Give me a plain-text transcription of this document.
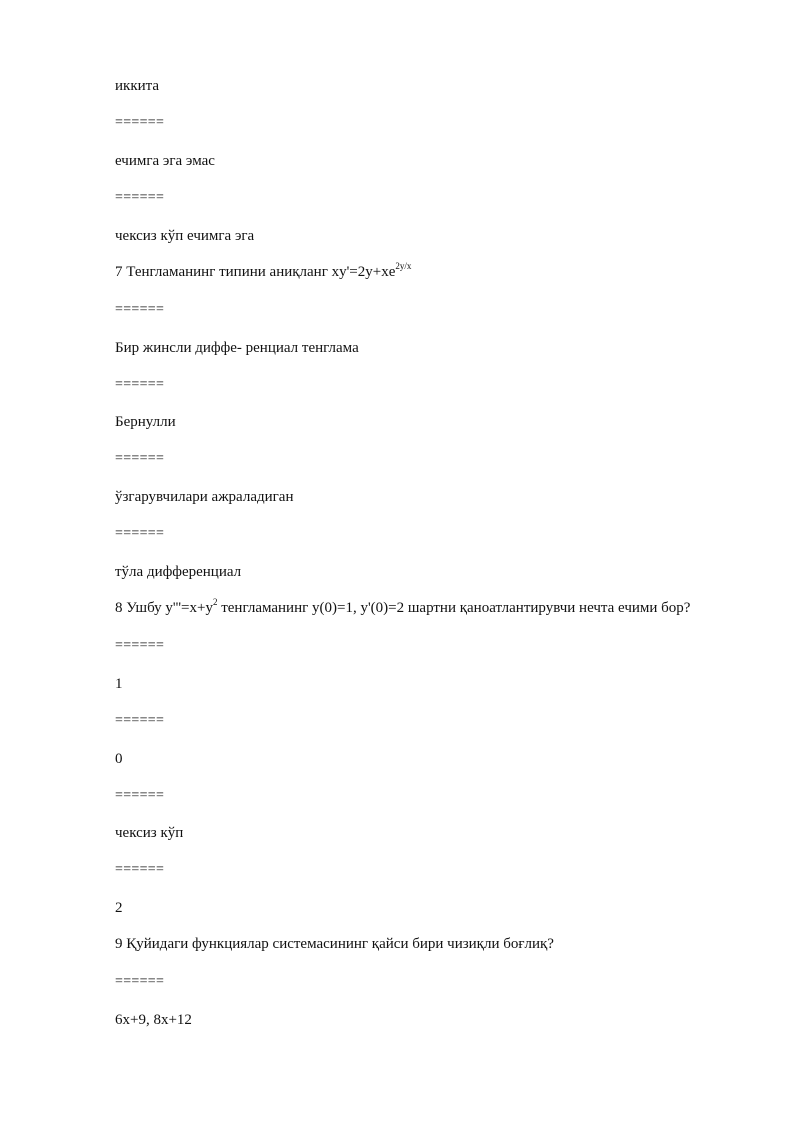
иккита

======

ечимга эга эмас

======

чексиз кўп ечимга эга

7 Тенгламанинг типини аниқланг $xy'=2y+xe^{2y/x}$

======

Бир жинсли диффе- ренциал тенглама

======

Бернулли

======

ўзгарувчилари ажраладиган

======

тўла дифференциал

8 Ушбу $y'''=x+y^2$ тенгламанинг y(0)=1, y'(0)=2 шартни қаноатлантирувчи нечта ечими бор?

======

1

======

0

======

чексиз кўп

======

2

9 Қуйидаги функциялар системасининг қайси бири чизиқли боғлиқ?

======

6x+9, 8x+12
